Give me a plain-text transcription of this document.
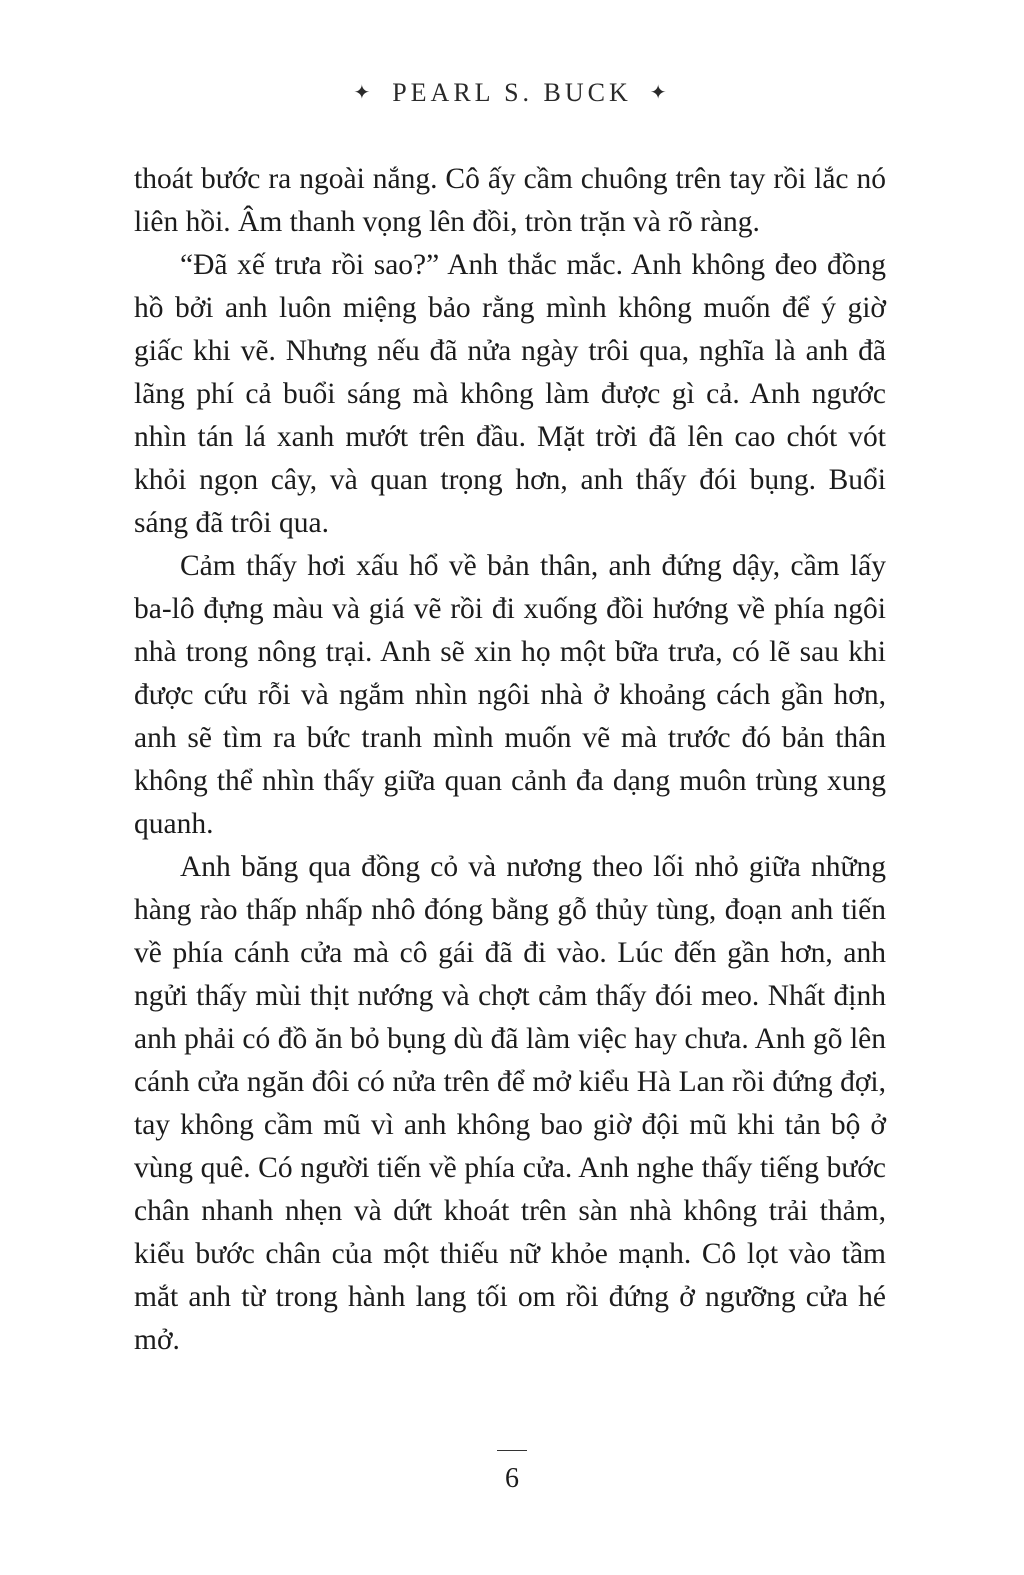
✦ PEARL S. BUCK ✦

thoát bước ra ngoài nắng. Cô ấy cầm chuông trên tay rồi lắc nó liên hồi. Âm thanh vọng lên đồi, tròn trặn và rõ ràng.

“Đã xế trưa rồi sao?” Anh thắc mắc. Anh không đeo đồng hồ bởi anh luôn miệng bảo rằng mình không muốn để ý giờ giấc khi vẽ. Nhưng nếu đã nửa ngày trôi qua, nghĩa là anh đã lãng phí cả buổi sáng mà không làm được gì cả. Anh ngước nhìn tán lá xanh mướt trên đầu. Mặt trời đã lên cao chót vót khỏi ngọn cây, và quan trọng hơn, anh thấy đói bụng. Buổi sáng đã trôi qua.

Cảm thấy hơi xấu hổ về bản thân, anh đứng dậy, cầm lấy ba-lô đựng màu và giá vẽ rồi đi xuống đồi hướng về phía ngôi nhà trong nông trại. Anh sẽ xin họ một bữa trưa, có lẽ sau khi được cứu rỗi và ngắm nhìn ngôi nhà ở khoảng cách gần hơn, anh sẽ tìm ra bức tranh mình muốn vẽ mà trước đó bản thân không thể nhìn thấy giữa quan cảnh đa dạng muôn trùng xung quanh.

Anh băng qua đồng cỏ và nương theo lối nhỏ giữa những hàng rào thấp nhấp nhô đóng bằng gỗ thủy tùng, đoạn anh tiến về phía cánh cửa mà cô gái đã đi vào. Lúc đến gần hơn, anh ngửi thấy mùi thịt nướng và chợt cảm thấy đói meo. Nhất định anh phải có đồ ăn bỏ bụng dù đã làm việc hay chưa. Anh gõ lên cánh cửa ngăn đôi có nửa trên để mở kiểu Hà Lan rồi đứng đợi, tay không cầm mũ vì anh không bao giờ đội mũ khi tản bộ ở vùng quê. Có người tiến về phía cửa. Anh nghe thấy tiếng bước chân nhanh nhẹn và dứt khoát trên sàn nhà không trải thảm, kiểu bước chân của một thiếu nữ khỏe mạnh. Cô lọt vào tầm mắt anh từ trong hành lang tối om rồi đứng ở ngưỡng cửa hé mở.

6
